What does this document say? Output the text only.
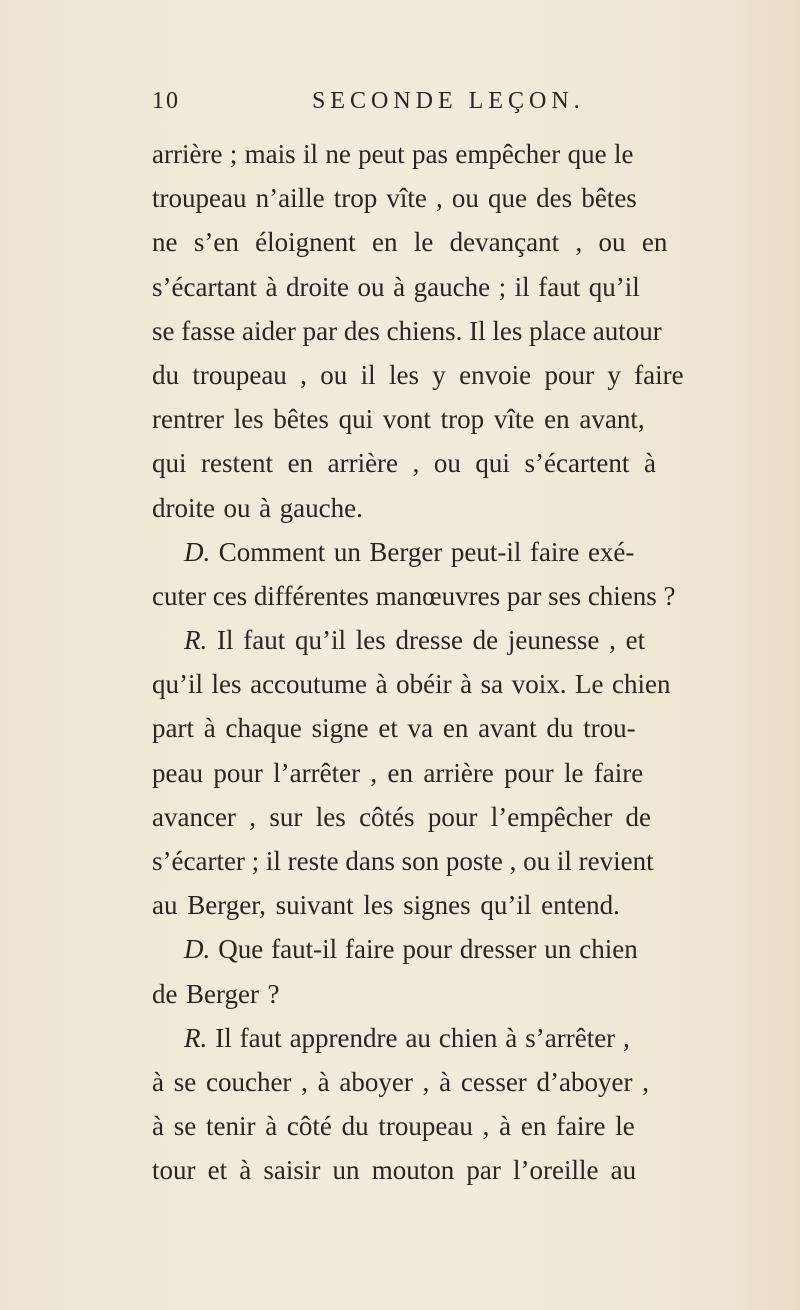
10	SECONDE LEÇON.
arrière ; mais il ne peut pas empêcher que le
troupeau n’aille trop vîte , ou que des bêtes
ne s’en éloignent en le devançant , ou en
s’écartant à droite ou à gauche ; il faut qu’il
se fasse aider par des chiens. Il les place autour
du troupeau , ou il les y envoie pour y faire
rentrer les bêtes qui vont trop vîte en avant,
qui restent en arrière , ou qui s’écartent à
droite ou à gauche.
D. Comment un Berger peut-il faire exé-
cuter ces différentes manœuvres par ses chiens ?
R. Il faut qu’il les dresse de jeunesse , et
qu’il les accoutume à obéir à sa voix. Le chien
part à chaque signe et va en avant du trou-
peau pour l’arrêter , en arrière pour le faire
avancer , sur les côtés pour l’empêcher de
s’écarter ; il reste dans son poste , ou il revient
au Berger, suivant les signes qu’il entend.
D. Que faut-il faire pour dresser un chien
de Berger ?
R. Il faut apprendre au chien à s’arrêter ,
à se coucher , à aboyer , à cesser d’aboyer ,
à se tenir à côté du troupeau , à en faire le
tour et à saisir un mouton par l’oreille au
